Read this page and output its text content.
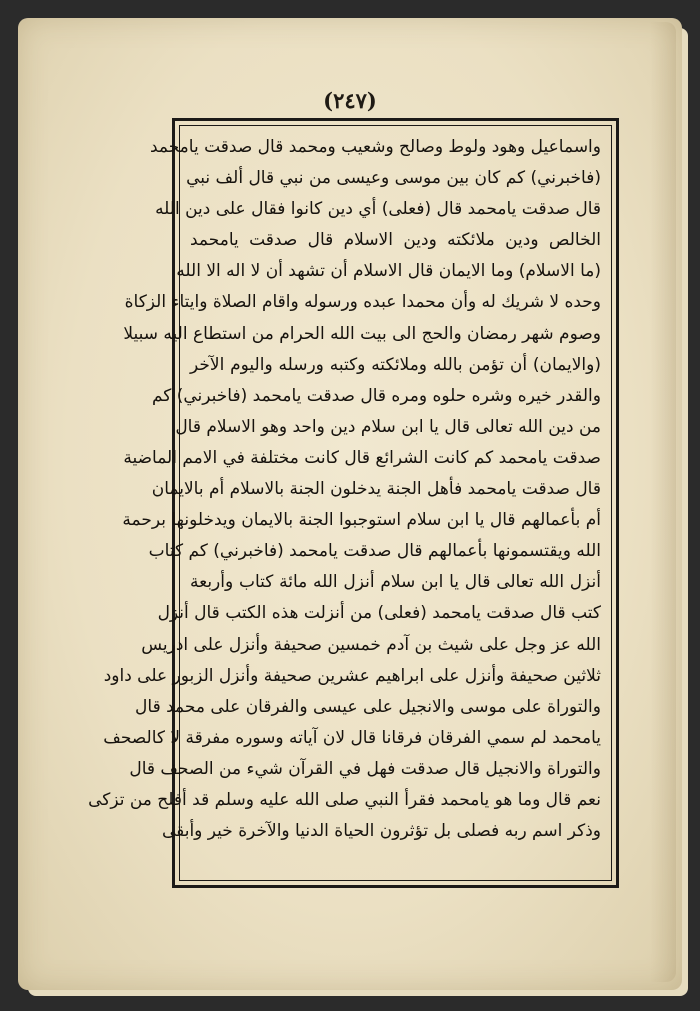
(٢٤٧)
واسماعيل وهود ولوط وصالح وشعيب ومحمد قال صدقت يامحمد
(فاخبرني) كم كان بين موسى وعيسى من نبي قال ألف نبي
قال صدقت يامحمد قال (فعلى) أي دين كانوا فقال على دين الله
الخالص ودين ملائكته ودين الاسلام قال صدقت يامحمد
(ما الاسلام) وما الايمان قال الاسلام أن تشهد أن لا اله الا الله
وحده لا شريك له وأن محمدا عبده ورسوله واقام الصلاة وايتاء الزكاة
وصوم شهر رمضان والحج الى بيت الله الحرام من استطاع اليه سبيلا
(والايمان) أن تؤمن بالله وملائكته وكتبه ورسله واليوم الآخر
والقدر خيره وشره حلوه ومره قال صدقت يامحمد (فاخبرني) كم
من دين الله تعالى قال يا ابن سلام دين واحد وهو الاسلام قال
صدقت يامحمد كم كانت الشرائع قال كانت مختلفة في الامم الماضية
قال صدقت يامحمد فأهل الجنة يدخلون الجنة بالاسلام أم بالايمان
أم بأعمالهم قال يا ابن سلام استوجبوا الجنة بالايمان ويدخلونها برحمة
الله ويقتسمونها بأعمالهم قال صدقت يامحمد (فاخبرني) كم كتاب
أنزل الله تعالى قال يا ابن سلام أنزل الله مائة كتاب وأربعة
كتب قال صدقت يامحمد (فعلى) من أنزلت هذه الكتب قال أنزل
الله عز وجل على شيث بن آدم خمسين صحيفة وأنزل على ادريس
ثلاثين صحيفة وأنزل على ابراهيم عشرين صحيفة وأنزل الزبور على داود
والتوراة على موسى والانجيل على عيسى والفرقان على محمد قال
يامحمد لم سمي الفرقان فرقانا قال لان آياته وسوره مفرقة لا كالصحف
والتوراة والانجيل قال صدقت فهل في القرآن شيء من الصحف قال
نعم قال وما هو يامحمد فقرأ النبي صلى الله عليه وسلم قد أفلح من تزكى
وذكر اسم ربه فصلى بل تؤثرون الحياة الدنيا والآخرة خير وأبقى
